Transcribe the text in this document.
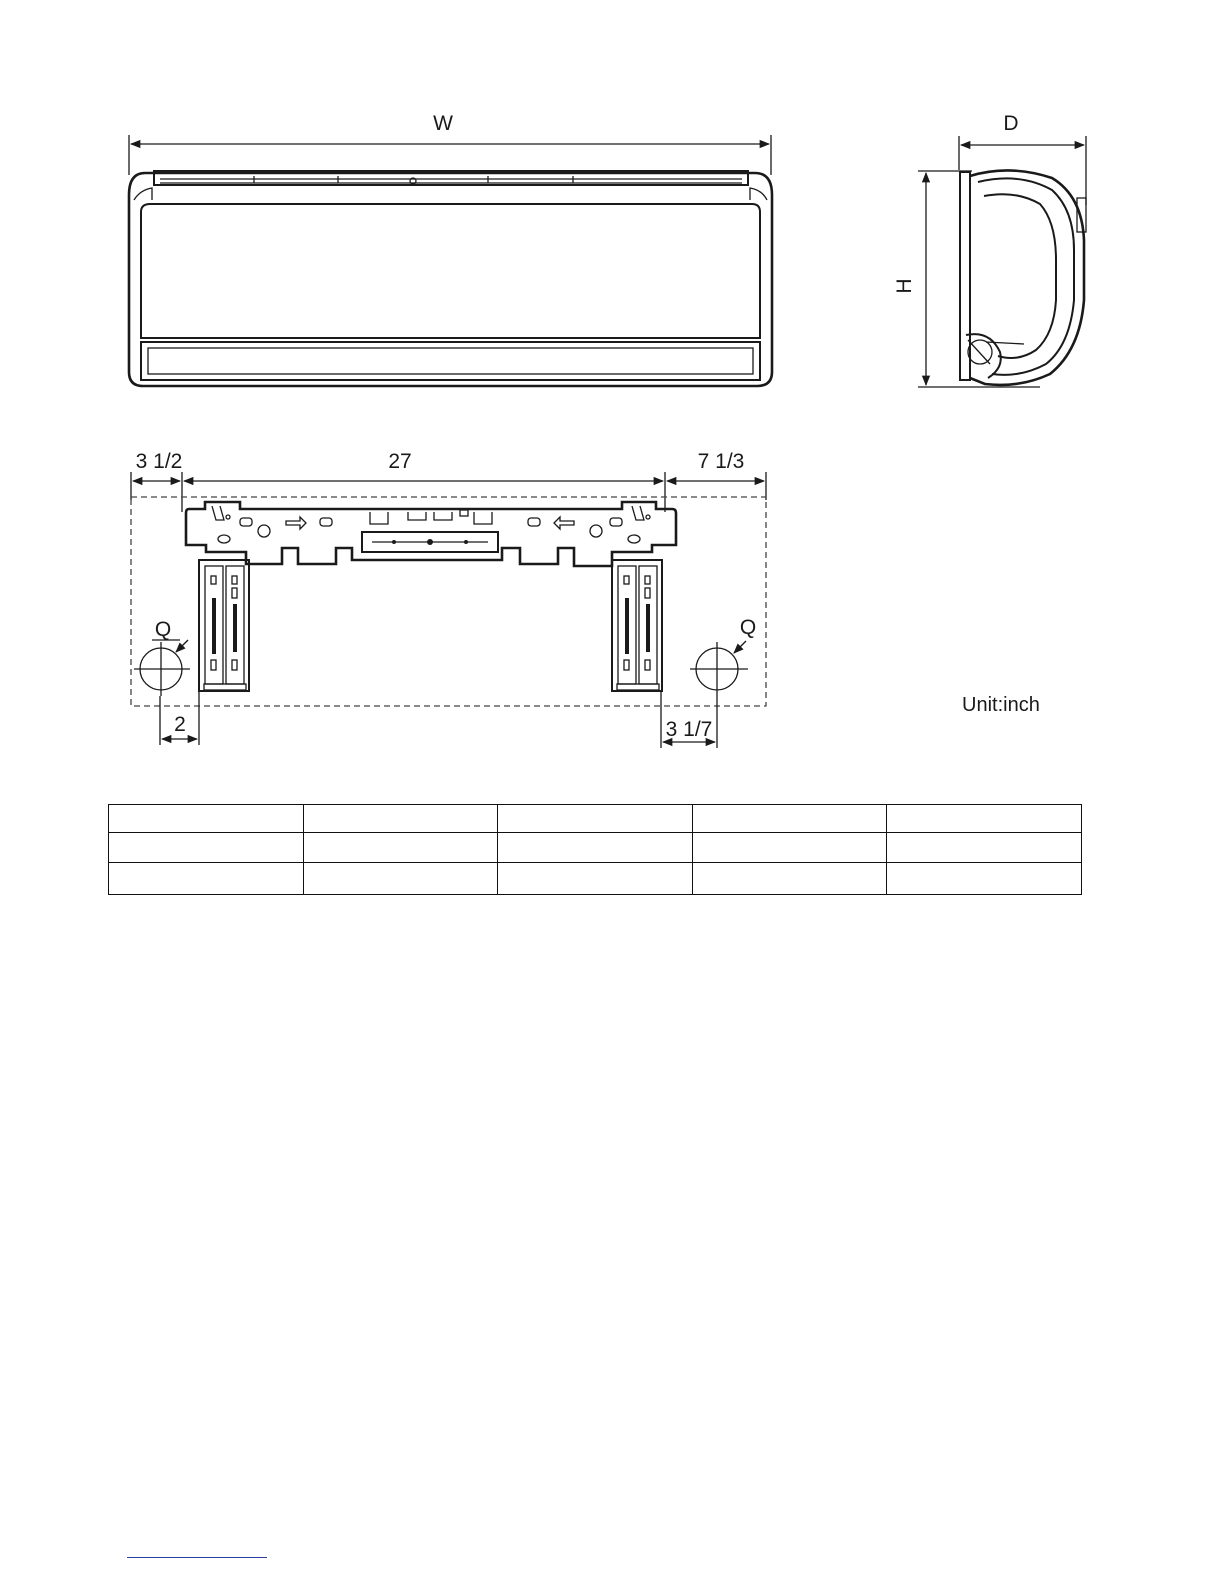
W	D
H
3 1/2	27	7 1/3
Q	Q
2	3 1/7
Unit:inch
